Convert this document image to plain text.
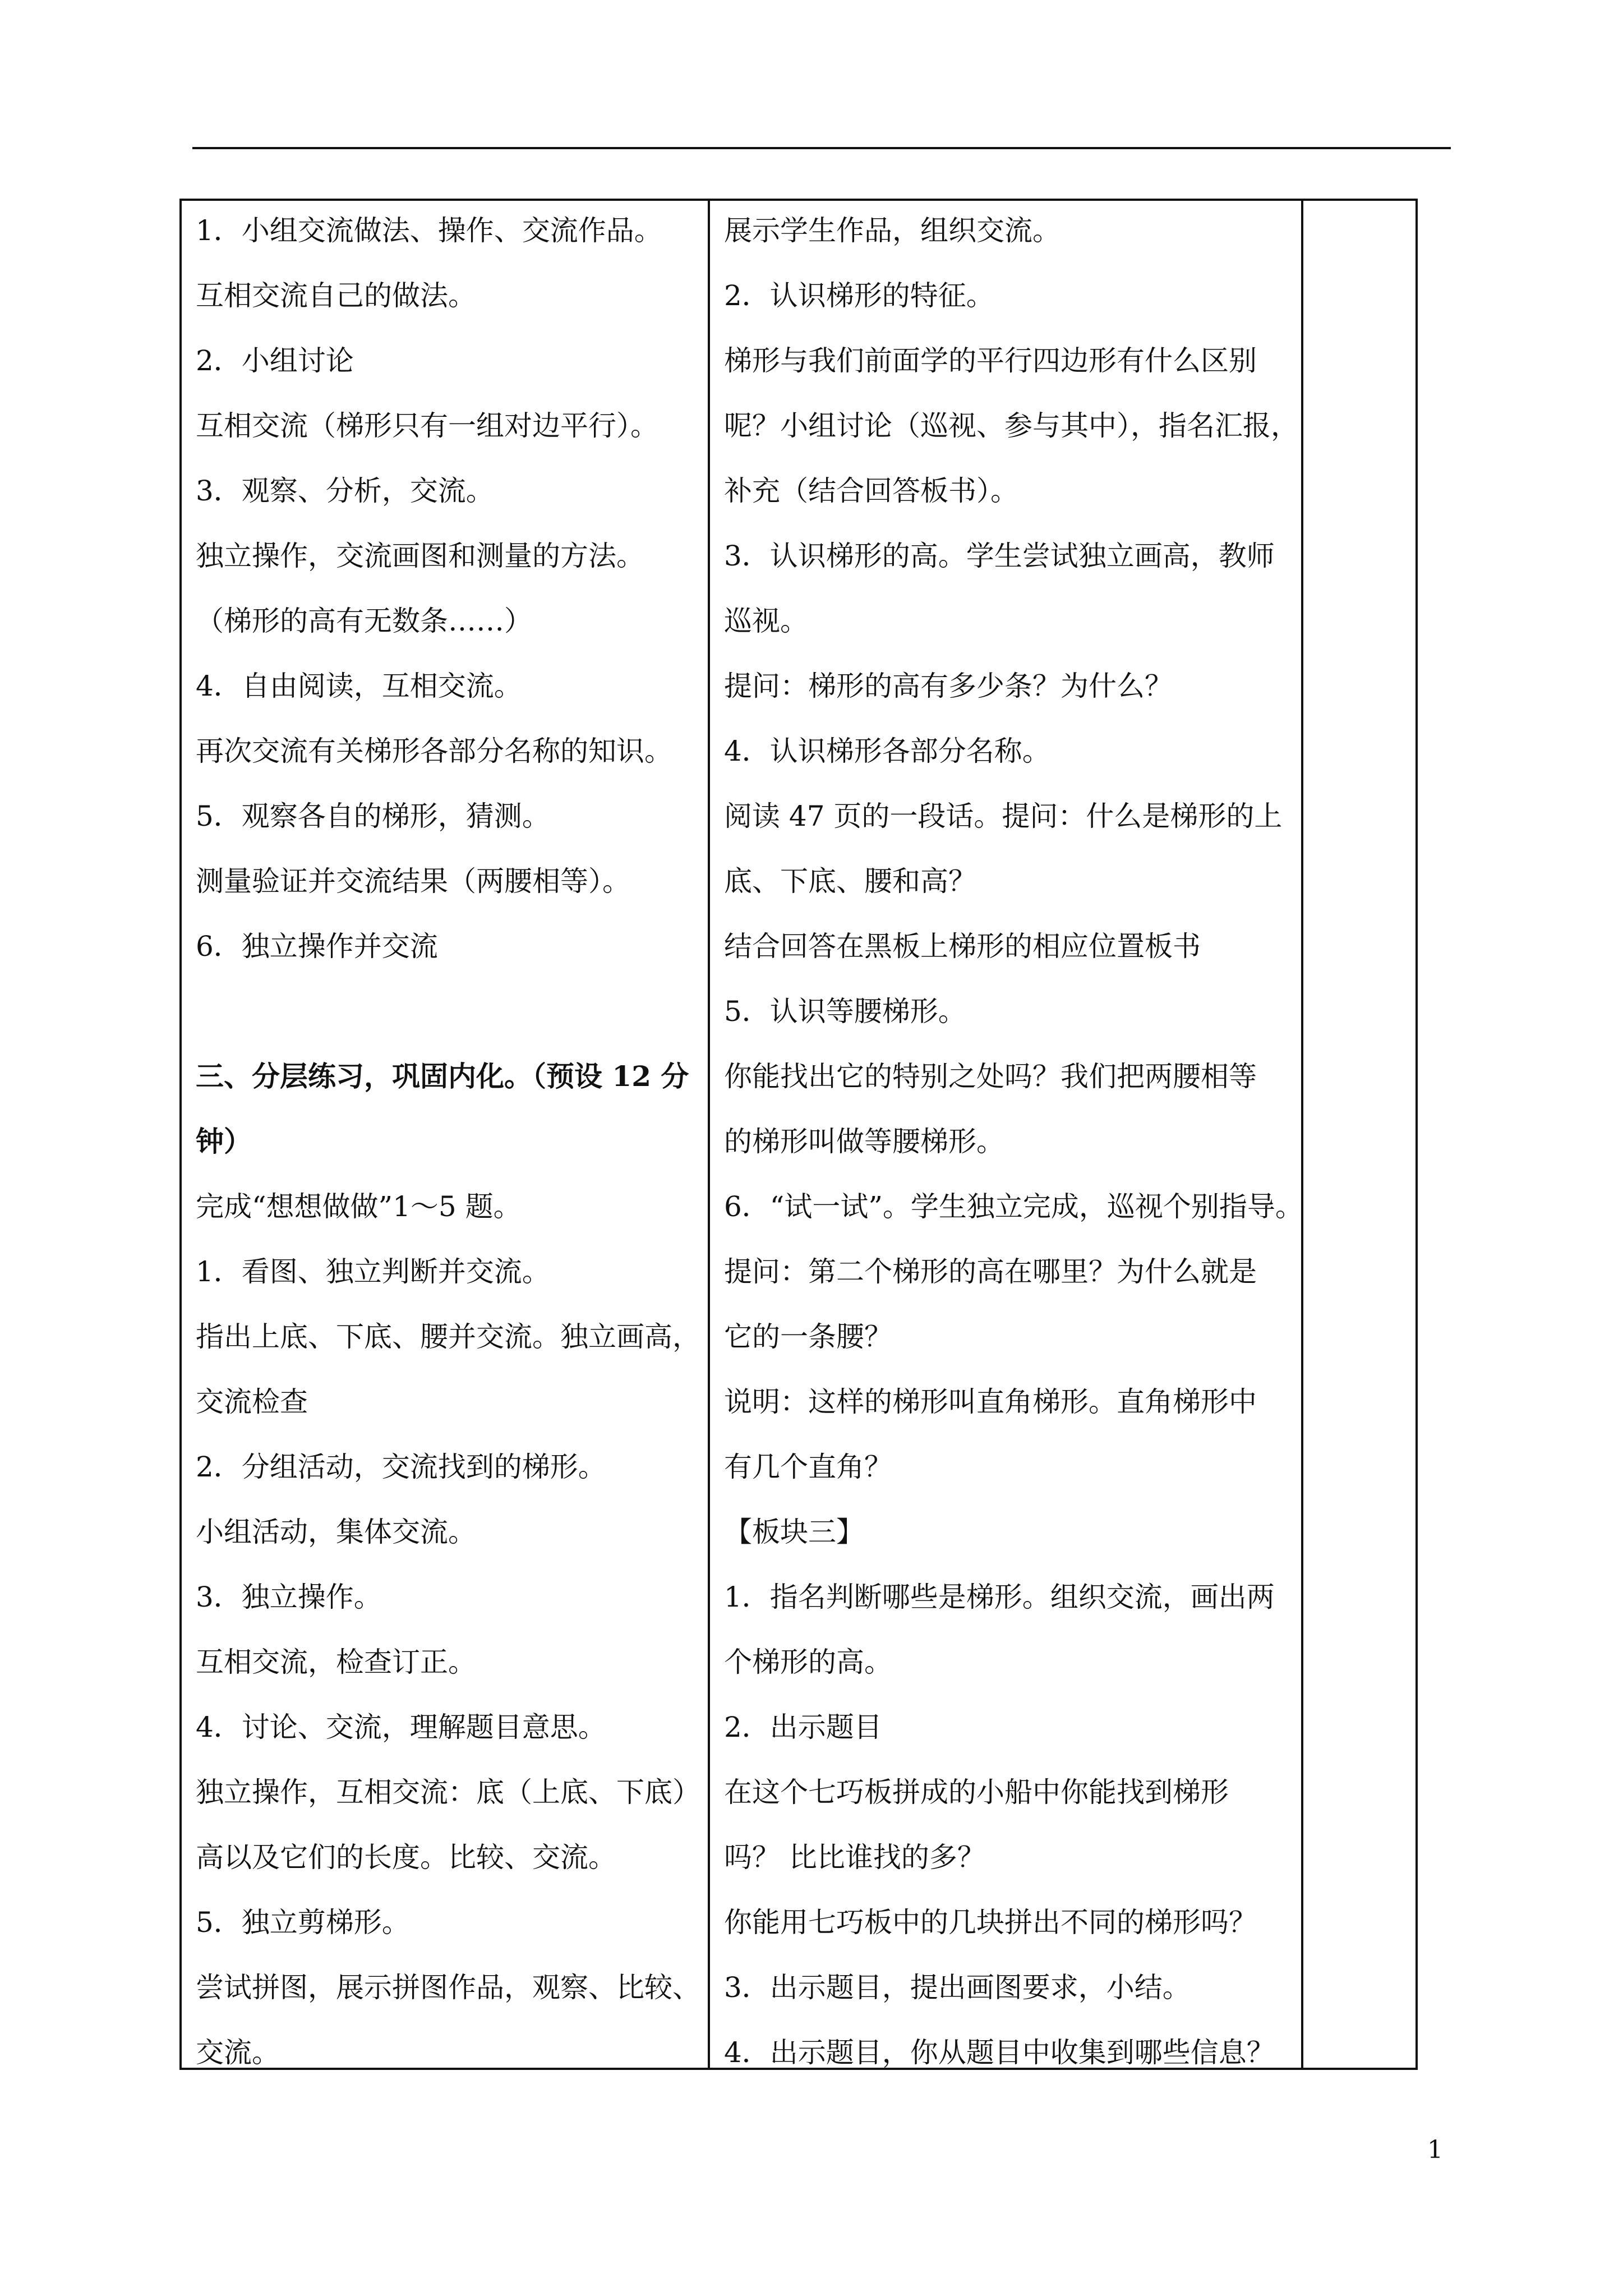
1．小组交流做法、操作、交流作品。
互相交流自己的做法。
2．小组讨论
互相交流（梯形只有一组对边平行）。
3．观察、分析，交流。
独立操作，交流画图和测量的方法。
（梯形的高有无数条……）
4．自由阅读，互相交流。
再次交流有关梯形各部分名称的知识。
5．观察各自的梯形，猜测。
测量验证并交流结果（两腰相等）。
6．独立操作并交流
三、分层练习，巩固内化。（预设 12 分
钟）
完成“想想做做”1～5 题。
1．看图、独立判断并交流。
指出上底、下底、腰并交流。独立画高，
交流检查
2．分组活动，交流找到的梯形。
小组活动，集体交流。
3．独立操作。
互相交流，检查订正。
4．讨论、交流，理解题目意思。
独立操作，互相交流：底（上底、下底）
高以及它们的长度。比较、交流。
5．独立剪梯形。
尝试拼图，展示拼图作品，观察、比较、
交流。
展示学生作品，组织交流。
2．认识梯形的特征。
梯形与我们前面学的平行四边形有什么区别
呢？小组讨论（巡视、参与其中），指名汇报，
补充（结合回答板书）。
3．认识梯形的高。学生尝试独立画高，教师
巡视。
提问：梯形的高有多少条？为什么？
4．认识梯形各部分名称。
阅读 47 页的一段话。提问：什么是梯形的上
底、下底、腰和高？
结合回答在黑板上梯形的相应位置板书
5．认识等腰梯形。
你能找出它的特别之处吗？我们把两腰相等
的梯形叫做等腰梯形。
6．“试一试”。学生独立完成，巡视个别指导。
提问：第二个梯形的高在哪里？为什么就是
它的一条腰？
说明：这样的梯形叫直角梯形。直角梯形中
有几个直角？
【板块三】
1．指名判断哪些是梯形。组织交流，画出两
个梯形的高。
2．出示题目
在这个七巧板拼成的小船中你能找到梯形
吗？ 比比谁找的多？
你能用七巧板中的几块拼出不同的梯形吗？
3．出示题目，提出画图要求，小结。
4．出示题目，你从题目中收集到哪些信息？
1
